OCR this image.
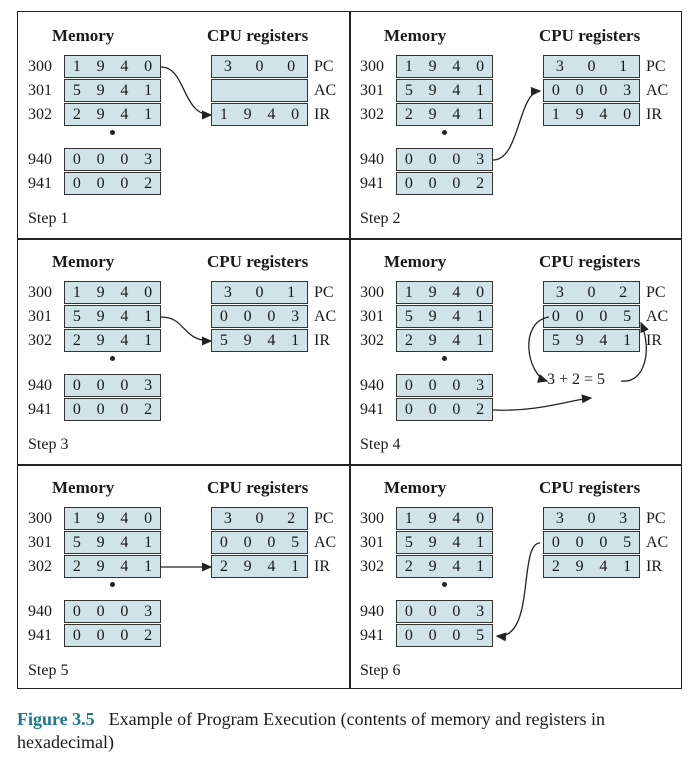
Memory	CPU registers
300 1 9 4 0
301 5 9 4 1
302 2 9 4 1
940 0 0 0 3
941 0 0 0 2
3 0 0 PC
AC
1 9 4 0 IR
Step 1
Memory	CPU registers
300 1 9 4 0
301 5 9 4 1
302 2 9 4 1
940 0 0 0 3
941 0 0 0 2
3 0 1 PC
0 0 0 3 AC
1 9 4 0 IR
Step 2
Memory	CPU registers
300 1 9 4 0
301 5 9 4 1
302 2 9 4 1
940 0 0 0 3
941 0 0 0 2
3 0 1 PC
0 0 0 3 AC
5 9 4 1 IR
Step 3
Memory	CPU registers
300 1 9 4 0
301 5 9 4 1
302 2 9 4 1
940 0 0 0 3
941 0 0 0 2
3 0 2 PC
0 0 0 5 AC
5 9 4 1 IR
Step 4
3 + 2 = 5
Memory	CPU registers
300 1 9 4 0
301 5 9 4 1
302 2 9 4 1
940 0 0 0 3
941 0 0 0 2
3 0 2 PC
0 0 0 5 AC
2 9 4 1 IR
Step 5
Memory	CPU registers
300 1 9 4 0
301 5 9 4 1
302 2 9 4 1
940 0 0 0 3
941 0 0 0 5
3 0 3 PC
0 0 0 5 AC
2 9 4 1 IR
Step 6
Figure 3.5 Example of Program Execution (contents of memory and registers in hexadecimal)
